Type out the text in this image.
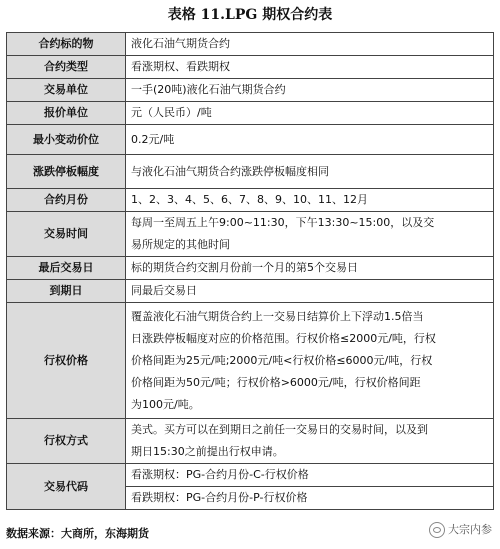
表格 11.LPG 期权合约表
合约标的物	液化石油气期货合约

合约类型	看涨期权、看跌期权

交易单位	一手(20吨)液化石油气期货合约

报价单位	元（人民币）/吨

最小变动价位	0.2元/吨

涨跌停板幅度	与液化石油气期货合约涨跌停板幅度相同

合约月份	1、2、3、4、5、6、7、8、9、10、11、12月

交易时间	每周一至周五上午9:00~11:30，下午13:30~15:00，以及交
易所规定的其他时间

最后交易日	标的期货合约交割月份前一个月的第5个交易日

到期日	同最后交易日

行权价格	覆盖液化石油气期货合约上一交易日结算价上下浮动1.5倍当
日涨跌停板幅度对应的价格范围。行权价格≤2000元/吨，行权
价格间距为25元/吨;2000元/吨<行权价格≤6000元/吨，行权
价格间距为50元/吨；行权价格>6000元/吨，行权价格间距
为100元/吨。

行权方式	美式。买方可以在到期日之前任一交易日的交易时间，以及到
期日15:30之前提出行权申请。

交易代码	看涨期权：PG-合约月份-C-行权价格
	看跌期权：PG-合约月份-P-行权价格
数据来源：大商所，东海期货	大宗内参
